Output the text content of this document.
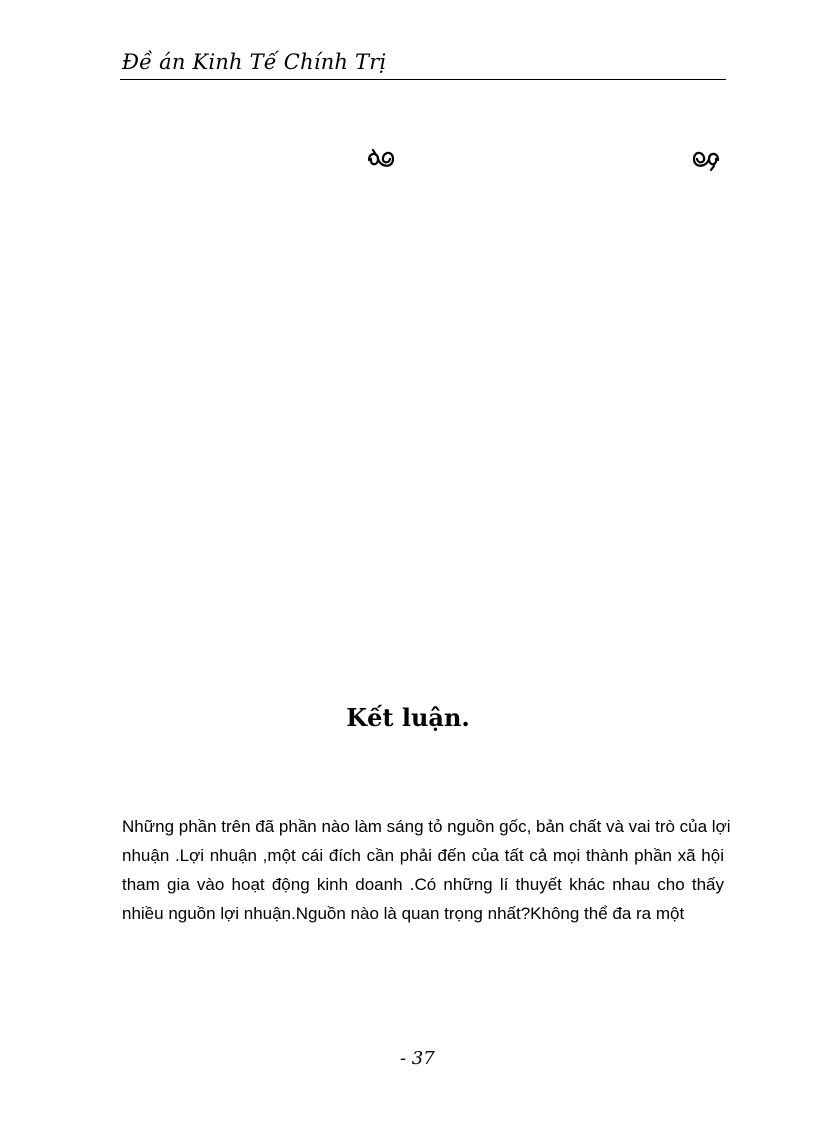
Đề án Kinh Tế Chính Trị
Kết luận.
Những phần trên đã phần nào làm sáng tỏ nguồn gốc, bản chất và vai trò của lợi
nhuận .Lợi nhuận ,một cái đích cần phải đến của tất cả mọi thành phần xã hội
tham gia vào hoạt động kinh doanh .Có những lí thuyết khác nhau cho thấy
nhiều nguồn lợi nhuận.Nguồn nào là quan trọng nhất?Không thể đa ra một
- 37
